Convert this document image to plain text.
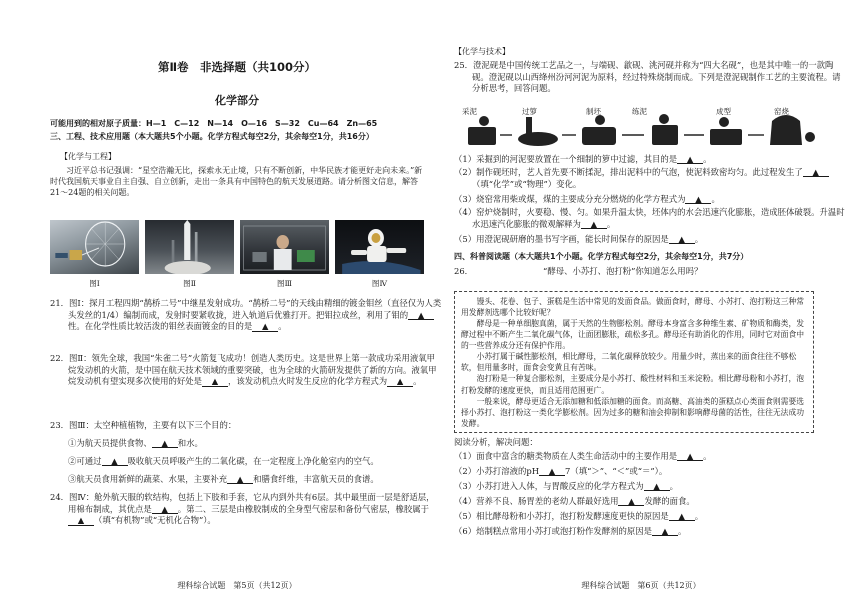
第Ⅱ卷　非选择题（共100分）
化学部分

可能用到的相对原子质量：H—1　C—12　N—14　O—16　S—32　Cu—64　Zn—65

三、工程、技术应用题（本大题共5个小题。化学方程式每空2分，其余每空1分，共16分）

【化学与工程】

习近平总书记强调：“星空浩瀚无比，探索永无止境，只有不断创新，中华民族才能更好走向未来。”新时代我国航天事业自主自强、自立创新，走出一条具有中国特色的航天发展道路。请分析图文信息，解答21～24题的相关问题。

图Ⅰ	图Ⅱ	图Ⅲ	图Ⅳ

21．图Ⅰ：探月工程四期“鹊桥二号”中继星发射成功。“鹊桥二号”的天线由精细的镀金钼丝（直径仅为人类头发丝的1/4）编制而成，发射时要紧收拢，进入轨道后优雅打开。把钼拉成丝，利用了钼的 ▲性。在化学性质比较活泼的钼丝表面镀金的目的是 ▲ 。

22．图Ⅱ：领先全球，我国“朱雀二号”火箭复飞成功！创造人类历史。这是世界上第一款成功采用液氧甲烷发动机的火箭，是中国在航天技术领域的重要突破，也为全球的火箭研发提供了新的方向。液氧甲烷发动机有望实现多次使用的好处是 ▲ ，该发动机点火时发生反应的化学方程式为 ▲ 。

23．图Ⅲ：太空种植植物，主要有以下三个目的：

①为航天员提供食物、 ▲ 和水。

②可通过 ▲ 吸收航天员呼吸产生的二氧化碳，在一定程度上净化舱室内的空气。

③航天员食用新鲜的蔬菜、水果，主要补充 ▲ 和膳食纤维，丰富航天员的食谱。

24．图Ⅳ：舱外航天服的软结构，包括上下肢和手套，它从内到外共有6层。其中最里面一层是舒适层，用棉布制成，其优点是 ▲ 。第二、三层是由橡胶制成的全身型气密层和备份气密层，橡胶属于▲ （填“有机物”或“无机化合物”）。

理科综合试题　第5页（共12页）

【化学与技术】

25．澄泥砚是中国传统工艺品之一，与端砚、歙砚、洮河砚并称为“四大名砚”，也是其中唯一的一款陶砚。澄泥砚以山西绛州汾河河泥为原料，经过特殊烧制而成。下列是澄泥砚制作工艺的主要流程。请分析思考，回答问题。

采泥	过箩	制坯	练泥	成型	窑烧

（1）采掘到的河泥要放置在一个细制的箩中过滤，其目的是 ▲ 。

（2）制作砚坯时，艺人首先要不断揉泥，排出泥料中的气泡，使泥料致密均匀。此过程发生了 ▲（填“化学”或“物理”）变化。

（3）烧窑常用柴或煤，煤的主要成分充分燃烧的化学方程式为 ▲ 。

（4）窑炉烧制时，火要稳、慢、匀。如果升温太快，坯体内的水会迅速汽化膨胀，造成胚体破裂。升温时水迅速汽化膨胀的微观解释为 ▲ 。

（5）用澄泥砚研磨的墨书写字画，能长时间保存的原因是 ▲ 。

四、科普阅读题（本大题共1个小题。化学方程式每空2分，其余每空1分，共7分）

26．	“酵母、小苏打、泡打粉”你知道怎么用吗？

馒头、花卷、包子、蛋糕是生活中常见的发面食品。做面食时，酵母、小苏打、泡打粉这三种常用发酵剂选哪个比较好呢？

酵母是一种单细胞真菌，属于天然的生物膨松剂。酵母本身富含多种维生素、矿物质和酶类，发酵过程中不断产生二氧化碳气体，让面团膨胀，疏松多孔。酵母还有助消化的作用，同时它对面食中的一些营养成分还有保护作用。

小苏打属于碱性膨松剂，相比酵母，二氧化碳释放较少。用量少时，蒸出来的面食往往不够松软，但用量多时，面食会变黄且有苦味。

泡打粉是一种复合膨松剂，主要成分是小苏打、酸性材料和玉米淀粉。相比酵母粉和小苏打，泡打粉发酵的速度更快，而且适用范围更广。

一般来说，酵母更适合无添加糖和低添加糖的面食。而高糖、高油类的蛋糕点心类面食则需要选择小苏打、泡打粉这一类化学膨松剂。因为过多的糖和油会抑制和影响酵母菌的活性，往往无法成功发酵。

阅读分析，解决问题：

（1）面食中富含的糖类物质在人类生命活动中的主要作用是 ▲ 。

（2）小苏打溶液的pH ▲ 7（填“＞”、“＜”或“＝”）。

（3）小苏打进入人体，与胃酸反应的化学方程式为 ▲ 。

（4）营养不良、肠胃差的老幼人群最好选用 ▲ 发酵的面食。

（5）相比酵母粉和小苏打，泡打粉发酵速度更快的原因是 ▲ 。

（6）焙制糕点常用小苏打或泡打粉作发酵剂的原因是 ▲ 。

理科综合试题　第6页（共12页）
